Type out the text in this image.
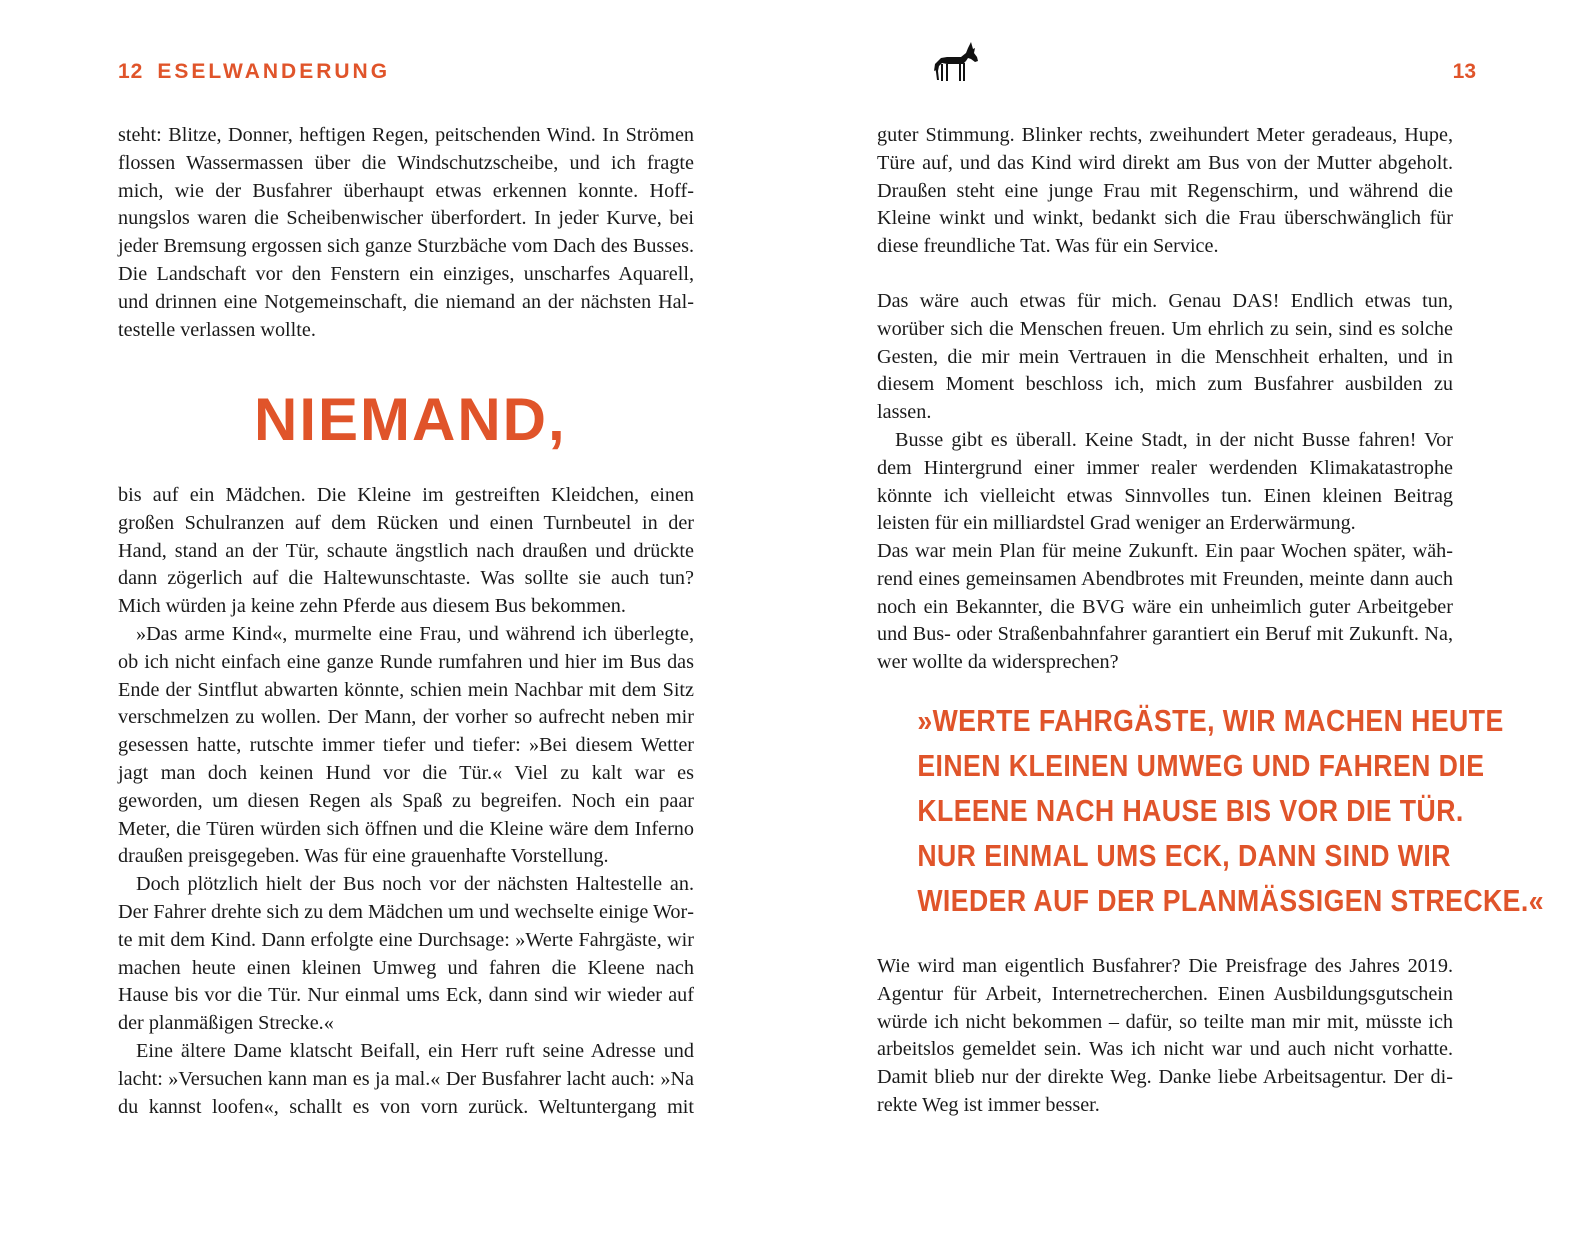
12 ESELWANDERUNG

steht: Blitze, Donner, heftigen Regen, peitschenden Wind. In Strömen flossen Wassermassen über die Windschutzscheibe, und ich fragte mich, wie der Busfahrer überhaupt etwas erkennen konnte. Hoffnungslos waren die Scheibenwischer überfordert. In jeder Kurve, bei jeder Bremsung ergossen sich ganze Sturzbäche vom Dach des Busses. Die Landschaft vor den Fenstern ein einziges, unscharfes Aquarell, und drinnen eine Notgemeinschaft, die niemand an der nächsten Haltestelle verlassen wollte.

NIEMAND,

bis auf ein Mädchen. Die Kleine im gestreiften Kleidchen, einen großen Schulranzen auf dem Rücken und einen Turnbeutel in der Hand, stand an der Tür, schaute ängstlich nach draußen und drückte dann zögerlich auf die Haltewunschtaste. Was sollte sie auch tun? Mich würden ja keine zehn Pferde aus diesem Bus bekommen.

»Das arme Kind«, murmelte eine Frau, und während ich überlegte, ob ich nicht einfach eine ganze Runde rumfahren und hier im Bus das Ende der Sintflut abwarten könnte, schien mein Nachbar mit dem Sitz verschmelzen zu wollen. Der Mann, der vorher so aufrecht neben mir gesessen hatte, rutschte immer tiefer und tiefer: »Bei diesem Wetter jagt man doch keinen Hund vor die Tür.« Viel zu kalt war es geworden, um diesen Regen als Spaß zu begreifen. Noch ein paar Meter, die Türen würden sich öffnen und die Kleine wäre dem Inferno draußen preisgegeben. Was für eine grauenhafte Vorstellung.

Doch plötzlich hielt der Bus noch vor der nächsten Haltestelle an. Der Fahrer drehte sich zu dem Mädchen um und wechselte einige Worte mit dem Kind. Dann erfolgte eine Durchsage: »Werte Fahrgäste, wir machen heute einen kleinen Umweg und fahren die Kleene nach Hause bis vor die Tür. Nur einmal ums Eck, dann sind wir wieder auf der planmäßigen Strecke.«

Eine ältere Dame klatscht Beifall, ein Herr ruft seine Adresse und lacht: »Versuchen kann man es ja mal.« Der Busfahrer lacht auch: »Na du kannst loofen«, schallt es von vorn zurück. Weltuntergang mit

13

guter Stimmung. Blinker rechts, zweihundert Meter geradeaus, Hupe, Türe auf, und das Kind wird direkt am Bus von der Mutter abgeholt. Draußen steht eine junge Frau mit Regenschirm, und während die Kleine winkt und winkt, bedankt sich die Frau überschwänglich für diese freundliche Tat. Was für ein Service.

Das wäre auch etwas für mich. Genau DAS! Endlich etwas tun, worüber sich die Menschen freuen. Um ehrlich zu sein, sind es solche Gesten, die mir mein Vertrauen in die Menschheit erhalten, und in diesem Moment beschloss ich, mich zum Busfahrer ausbilden zu lassen.

Busse gibt es überall. Keine Stadt, in der nicht Busse fahren! Vor dem Hintergrund einer immer realer werdenden Klimakatastrophe könnte ich vielleicht etwas Sinnvolles tun. Einen kleinen Beitrag leisten für ein milliardstel Grad weniger an Erderwärmung.

Das war mein Plan für meine Zukunft. Ein paar Wochen später, während eines gemeinsamen Abendbrotes mit Freunden, meinte dann auch noch ein Bekannter, die BVG wäre ein unheimlich guter Arbeitgeber und Bus- oder Straßenbahnfahrer garantiert ein Beruf mit Zukunft. Na, wer wollte da widersprechen?

»WERTE FAHRGÄSTE, WIR MACHEN HEUTE
EINEN KLEINEN UMWEG UND FAHREN DIE
KLEENE NACH HAUSE BIS VOR DIE TÜR.
NUR EINMAL UMS ECK, DANN SIND WIR
WIEDER AUF DER PLANMÄSSIGEN STRECKE.«

Wie wird man eigentlich Busfahrer? Die Preisfrage des Jahres 2019. Agentur für Arbeit, Internetrecherchen. Einen Ausbildungsgutschein würde ich nicht bekommen – dafür, so teilte man mir mit, müsste ich arbeitslos gemeldet sein. Was ich nicht war und auch nicht vorhatte. Damit blieb nur der direkte Weg. Danke liebe Arbeitsagentur. Der direkte Weg ist immer besser.
